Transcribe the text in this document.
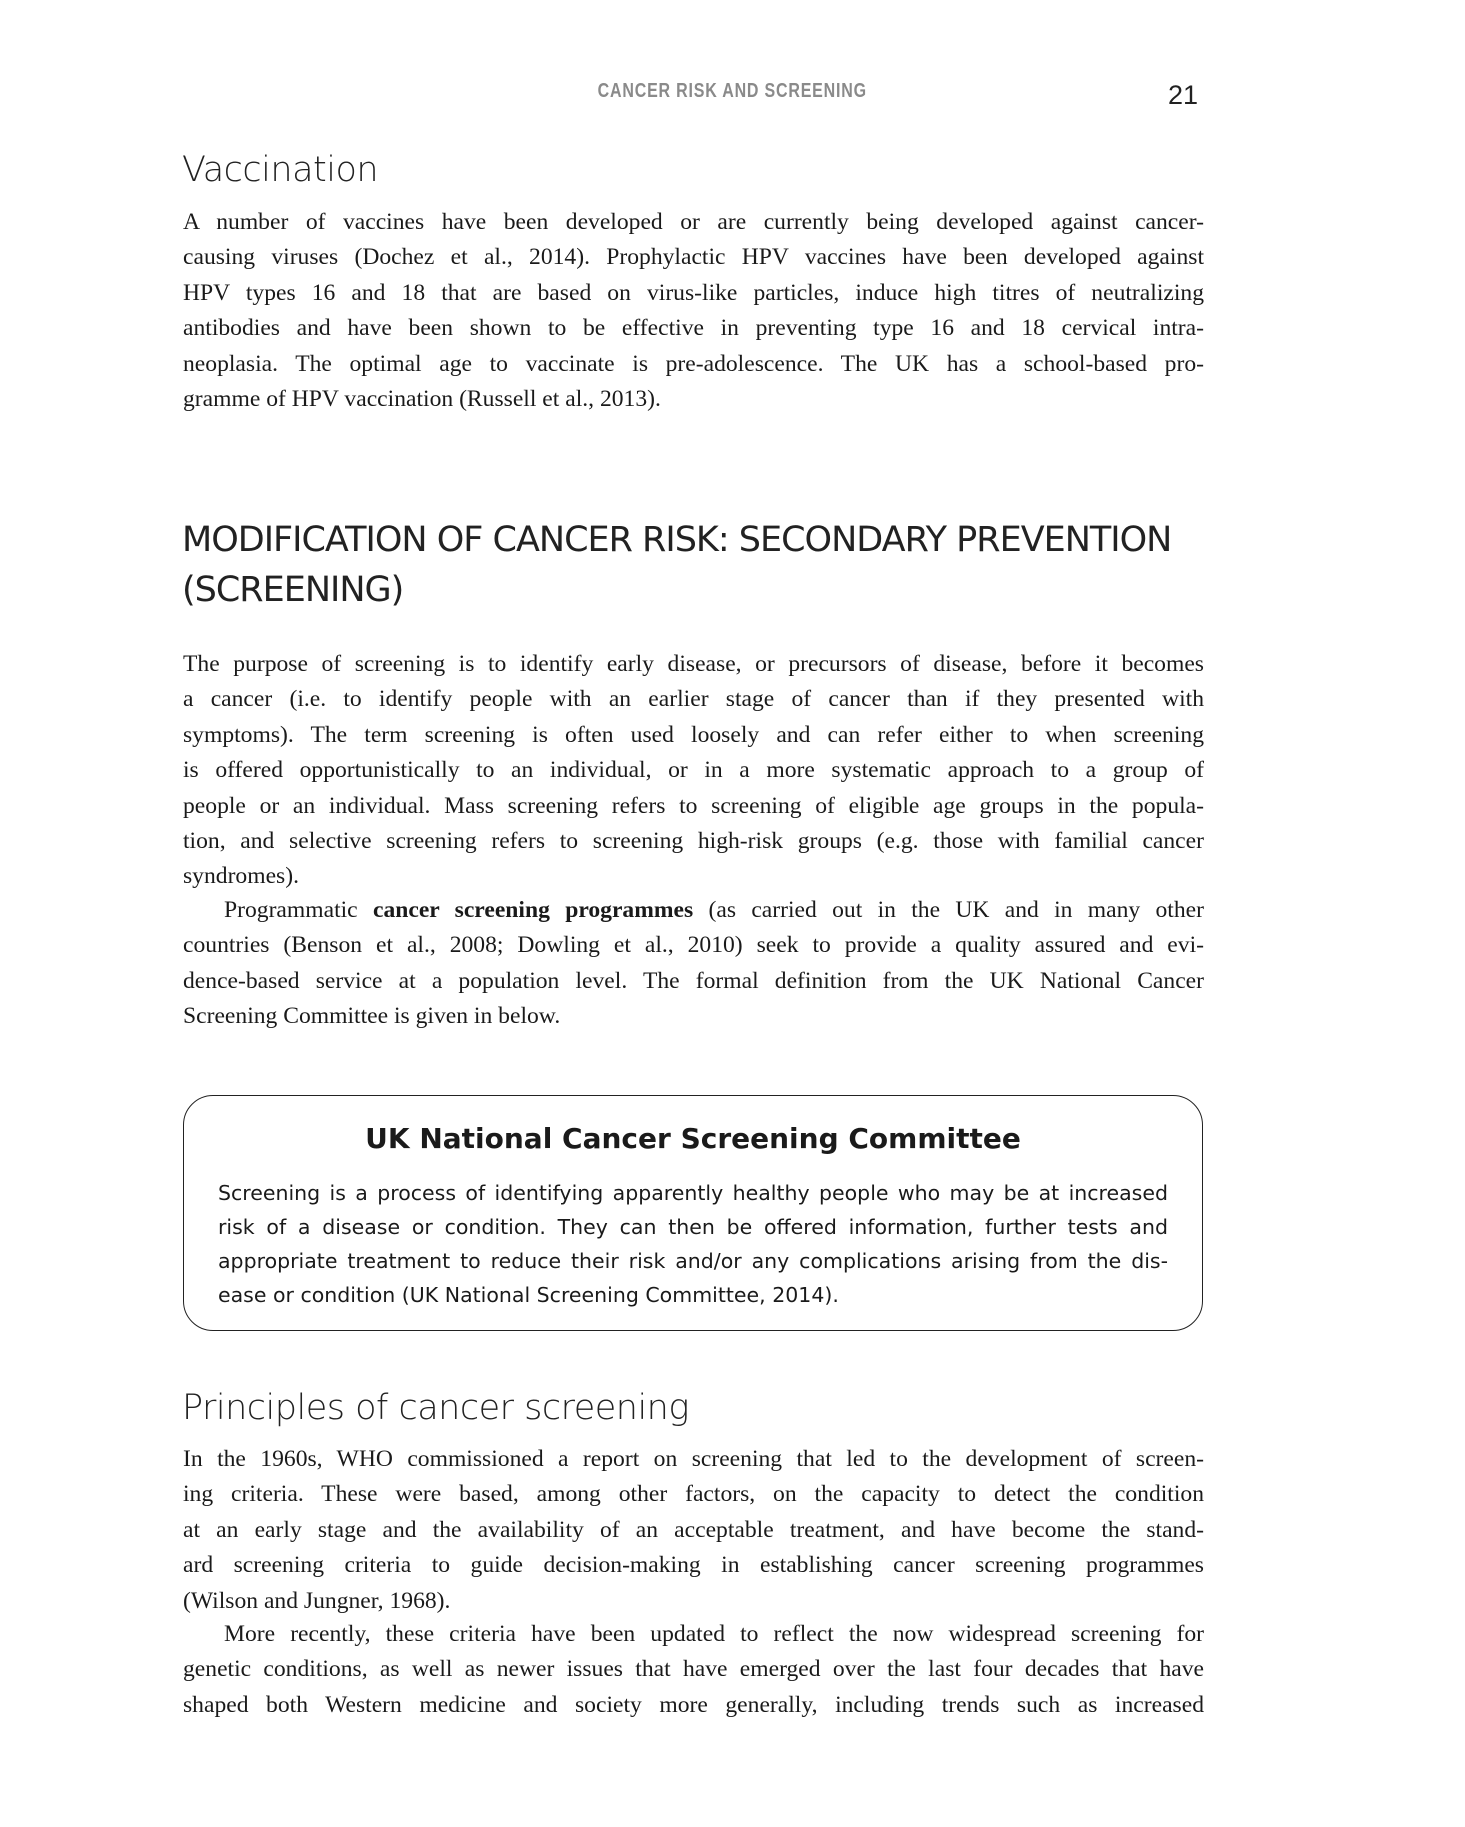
CANCER RISK AND SCREENING	21
Vaccination
A number of vaccines have been developed or are currently being developed against cancer-
causing viruses (Dochez et al., 2014). Prophylactic HPV vaccines have been developed against
HPV types 16 and 18 that are based on virus-like particles, induce high titres of neutralizing
antibodies and have been shown to be effective in preventing type 16 and 18 cervical intra-
neoplasia. The optimal age to vaccinate is pre-adolescence. The UK has a school-based pro-
gramme of HPV vaccination (Russell et al., 2013).
MODIFICATION OF CANCER RISK: SECONDARY PREVENTION
(SCREENING)
The purpose of screening is to identify early disease, or precursors of disease, before it becomes
a cancer (i.e. to identify people with an earlier stage of cancer than if they presented with
symptoms). The term screening is often used loosely and can refer either to when screening
is offered opportunistically to an individual, or in a more systematic approach to a group of
people or an individual. Mass screening refers to screening of eligible age groups in the popula-
tion, and selective screening refers to screening high-risk groups (e.g. those with familial cancer
syndromes).
Programmatic cancer screening programmes (as carried out in the UK and in many other
countries (Benson et al., 2008; Dowling et al., 2010) seek to provide a quality assured and evi-
dence-based service at a population level. The formal definition from the UK National Cancer
Screening Committee is given in below.
UK National Cancer Screening Committee
Screening is a process of identifying apparently healthy people who may be at increased
risk of a disease or condition. They can then be offered information, further tests and
appropriate treatment to reduce their risk and/or any complications arising from the dis-
ease or condition (UK National Screening Committee, 2014).
Principles of cancer screening
In the 1960s, WHO commissioned a report on screening that led to the development of screen-
ing criteria. These were based, among other factors, on the capacity to detect the condition
at an early stage and the availability of an acceptable treatment, and have become the stand-
ard screening criteria to guide decision-making in establishing cancer screening programmes
(Wilson and Jungner, 1968).
More recently, these criteria have been updated to reflect the now widespread screening for
genetic conditions, as well as newer issues that have emerged over the last four decades that have
shaped both Western medicine and society more generally, including trends such as increased
